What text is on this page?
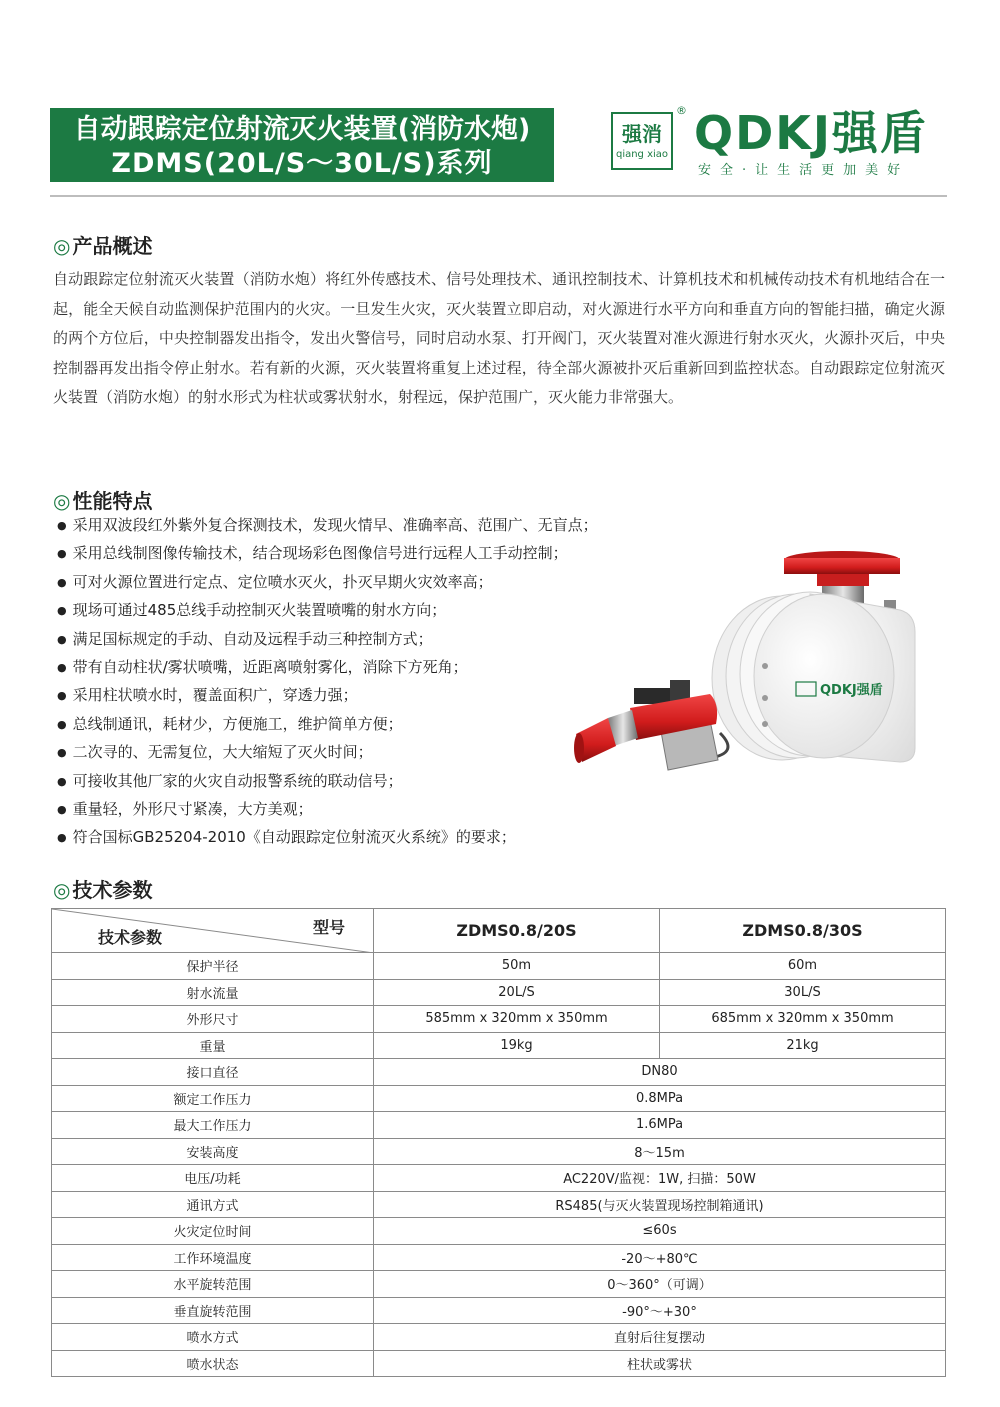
自动跟踪定位射流灭火装置(消防水炮)
ZDMS(20L/S～30L/S)系列
强消
qiang xiao
® QDKJ强盾
安全·让生活更加美好
◎ 产品概述

自动跟踪定位射流灭火装置（消防水炮）将红外传感技术、信号处理技术、通讯控制技术、计算机技术和机械传动技术有机地结合在一起，能全天候自动监测保护范围内的火灾。一旦发生火灾，灭火装置立即启动，对火源进行水平方向和垂直方向的智能扫描，确定火源的两个方位后，中央控制器发出指令，发出火警信号，同时启动水泵、打开阀门，灭火装置对准火源进行射水灭火，火源扑灭后，中央控制器再发出指令停止射水。若有新的火源，灭火装置将重复上述过程，待全部火源被扑灭后重新回到监控状态。自动跟踪定位射流灭火装置（消防水炮）的射水形式为柱状或雾状射水，射程远，保护范围广，灭火能力非常强大。

◎ 性能特点
● 采用双波段红外紫外复合探测技术，发现火情早、准确率高、范围广、无盲点；
● 采用总线制图像传输技术，结合现场彩色图像信号进行远程人工手动控制；
● 可对火源位置进行定点、定位喷水灭火，扑灭早期火灾效率高；
● 现场可通过485总线手动控制灭火装置喷嘴的射水方向；
● 满足国标规定的手动、自动及远程手动三种控制方式；
● 带有自动柱状/雾状喷嘴，近距离喷射雾化，消除下方死角；
● 采用柱状喷水时，覆盖面积广，穿透力强；
● 总线制通讯，耗材少，方便施工，维护简单方便；
● 二次寻的、无需复位，大大缩短了灭火时间；
● 可接收其他厂家的火灾自动报警系统的联动信号；
● 重量轻，外形尺寸紧凑，大方美观；
● 符合国标GB25204-2010《自动跟踪定位射流灭火系统》的要求；
QDKJ强盾
◎ 技术参数
型号
技术参数	ZDMS0.8/20S	ZDMS0.8/30S
保护半径	50m	60m
射水流量	20L/S	30L/S
外形尺寸	585mm x 320mm x 350mm	685mm x 320mm x 350mm
重量	19kg	21kg
接口直径	DN80	
额定工作压力	0.8MPa	
最大工作压力	1.6MPa	
安装高度	8～15m	
电压/功耗	AC220V/监视：1W, 扫描：50W	
通讯方式	RS485(与灭火装置现场控制箱通讯)	
火灾定位时间	≤60s	
工作环境温度	-20～+80℃	
水平旋转范围	0～360°（可调）	
垂直旋转范围	-90°～+30°	
喷水方式	直射后往复摆动	
喷水状态	柱状或雾状	
